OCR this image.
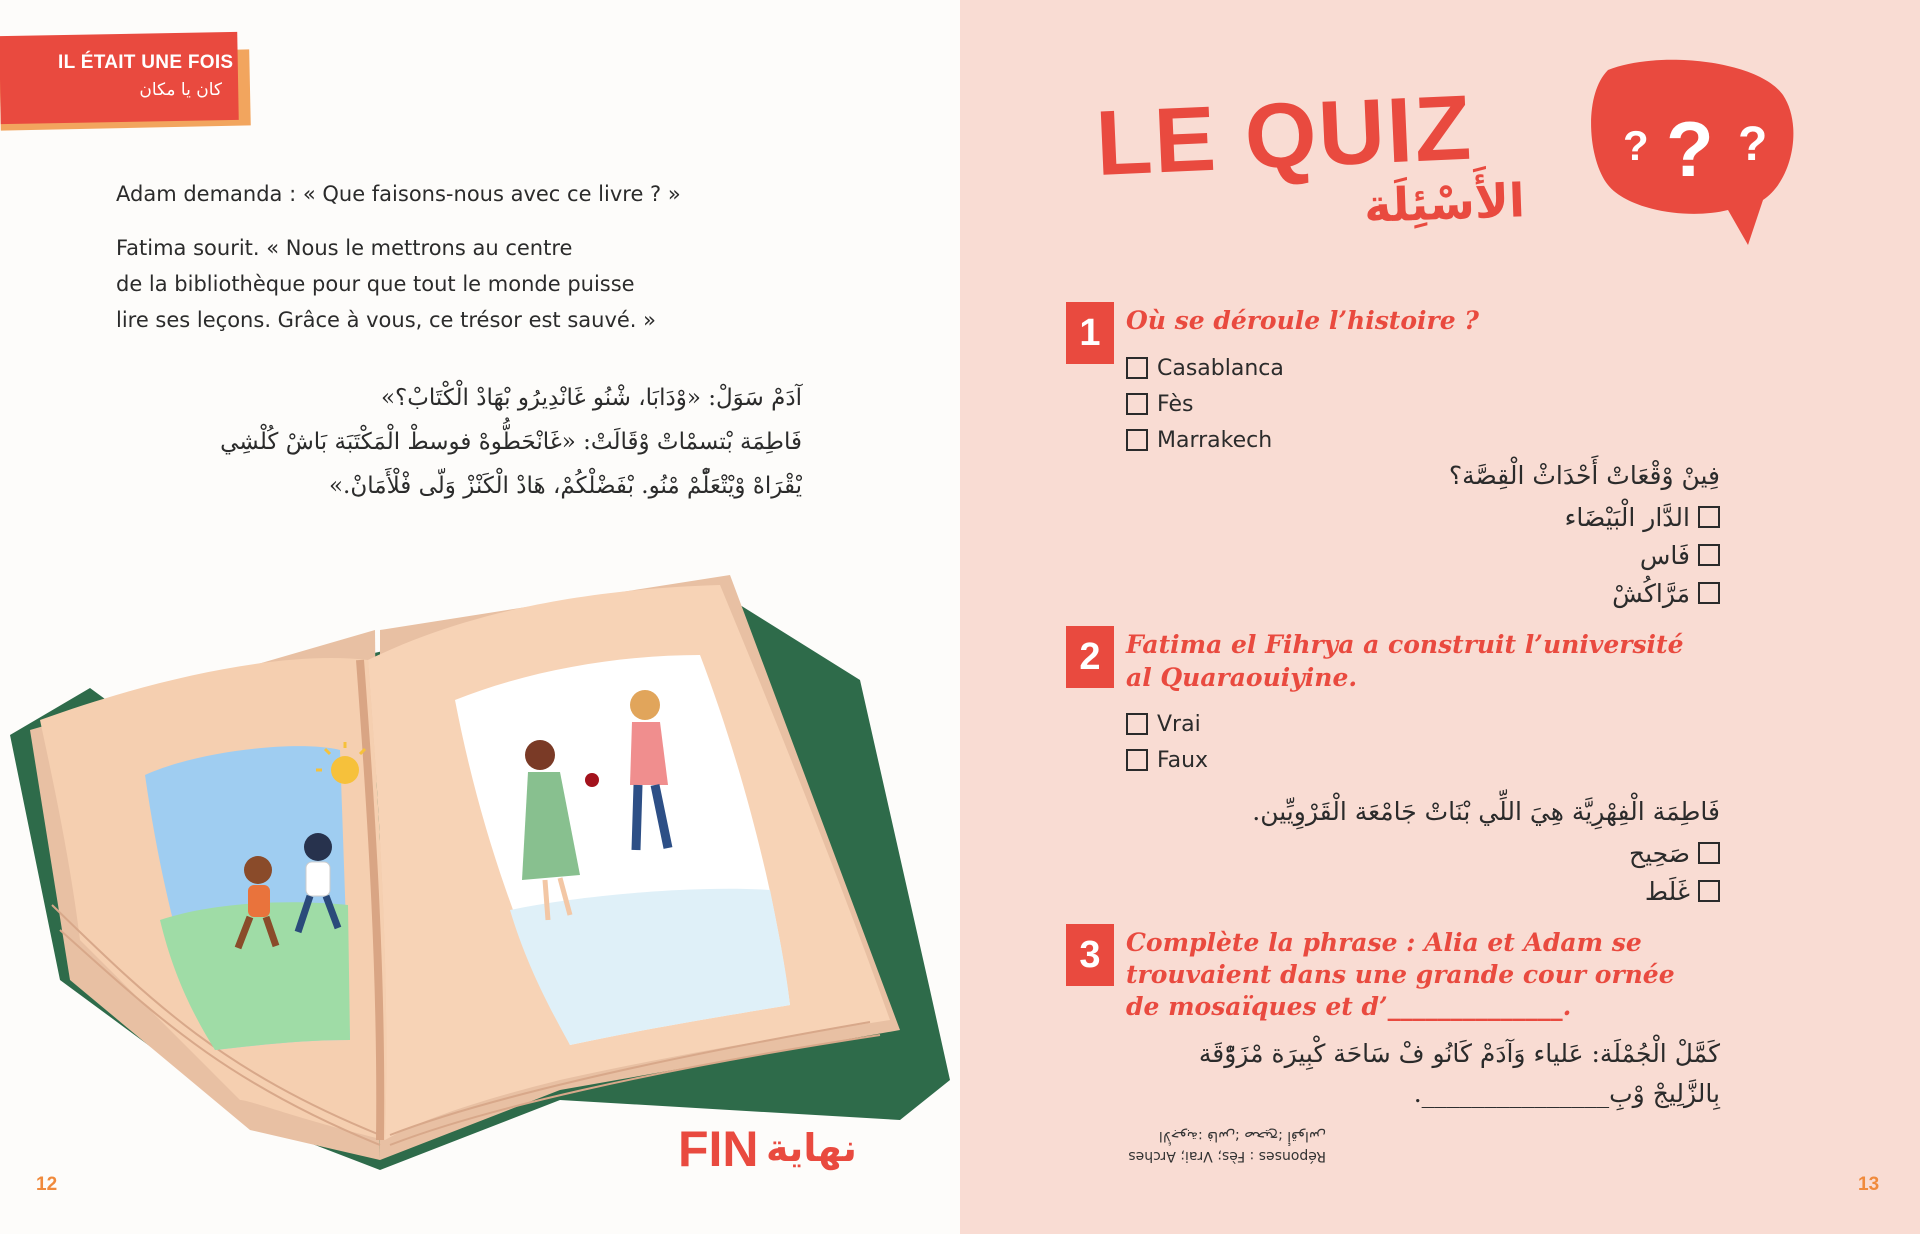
IL ÉTAIT UNE FOIS
كان يا مكان

Adam demanda : « Que faisons-nous avec ce livre ? »

Fatima sourit. « Nous le mettrons au centre

de la bibliothèque pour que tout le monde puisse

lire ses leçons. Grâce à vous, ce trésor est sauvé. »

آدَمْ سَوَلْ: «وْدَابَا، شْنُو غَانْدِيرُو بْهَادْ الْكْتَابْ؟»

فَاطِمَة بْتسمْاتْ وْقَالَتْ: «غَانْحَطُّوهْ فوسطْ الْمَكْتَبَة بَاشْ كُلْشِي

يْقْرَاهْ وْيْتْعَلّْمْ مْنُو. بْفَضْلْكُمْ، هَادْ الْكَنْزْ وَلّى فْلْأَمَانْ.»

FIN نهاية
12
LE QUIZ
الأَسْئِلَة
? ? ?
1	Où se déroule l’histoire ?

Casablanca
Fès
Marrakech

فِينْ وْقْعَاتْ أَحْدَاثْ الْقِصَّة؟

الدَّار الْبَيْضَاء
فَاس
مَرَّاكُشْ
2	Fatima el Fihrya a construit l’université

al Quaraouiyine.

Vrai
Faux

فَاطِمَة الْفِهْرِيَّة هِيَ اللِّي بْنَاتْ جَامْعَة الْقَرْوِيِّين.

صَحِيح
غَلَط
3	Complète la phrase : Alia et Adam se

trouvaient dans une grande cour ornée

de mosaïques et d’______________.

كَمَّلْ الْجُمْلَة: عَلياء وَآدَمْ كَانُو فْ سَاحَة كْبِيرَة مْزَوّْقَة

بِالزَّلِيجْ وْبِ_______________.

Réponses : Fès; Vrai; Arches
الأجوبة: فاس؛ صحيح؛ أقواس
13
